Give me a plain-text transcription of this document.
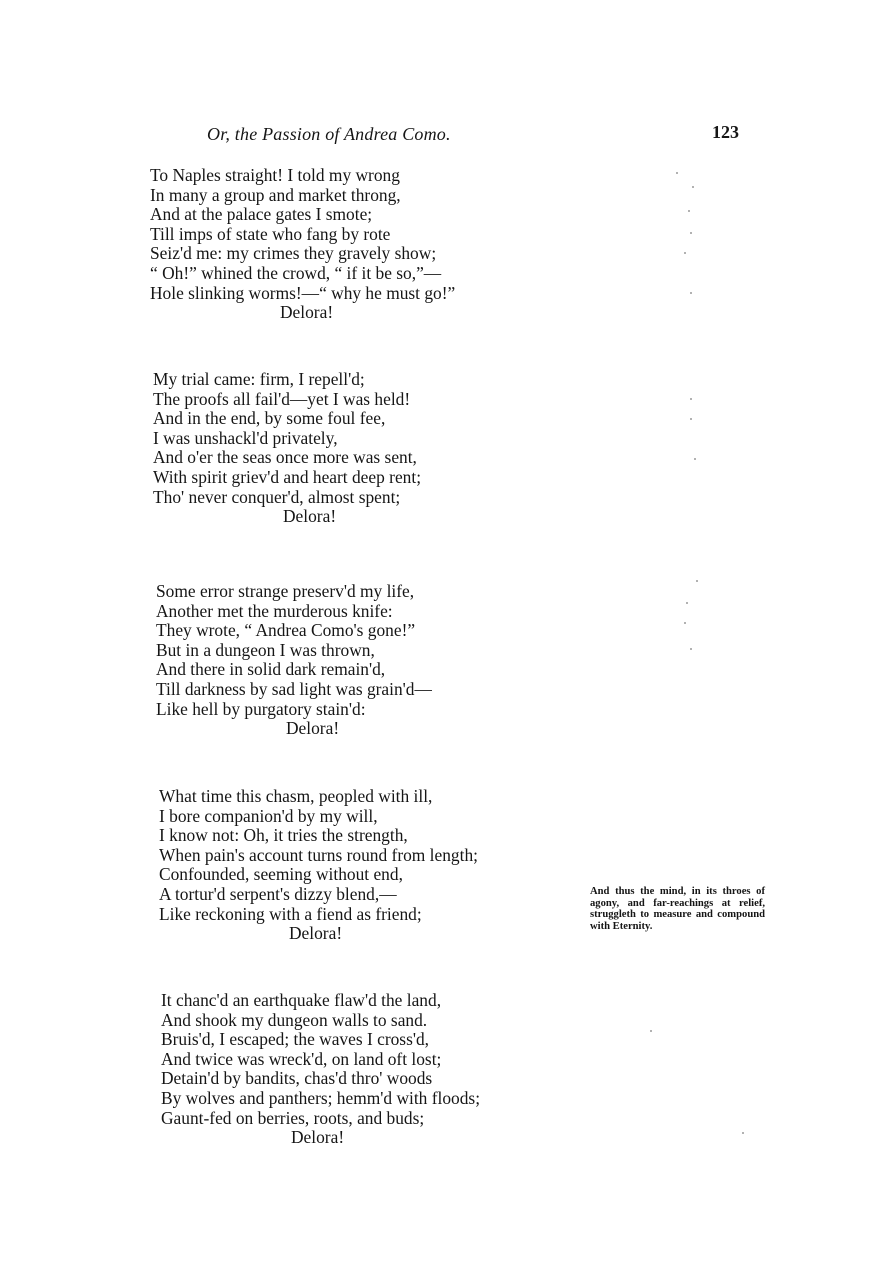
Or, the Passion of Andrea Como.	123
To Naples straight! I told my wrong
In many a group and market throng,
And at the palace gates I smote;
Till imps of state who fang by rote
Seiz'd me: my crimes they gravely show;
“ Oh!” whined the crowd, “ if it be so,”—
Hole slinking worms!—“ why he must go!”
Delora!
My trial came: firm, I repell'd;
The proofs all fail'd—yet I was held!
And in the end, by some foul fee,
I was unshackl'd privately,
And o'er the seas once more was sent,
With spirit griev'd and heart deep rent;
Tho' never conquer'd, almost spent;
Delora!
Some error strange preserv'd my life,
Another met the murderous knife:
They wrote, “ Andrea Como's gone!”
But in a dungeon I was thrown,
And there in solid dark remain'd,
Till darkness by sad light was grain'd—
Like hell by purgatory stain'd:
Delora!
What time this chasm, peopled with ill,
I bore companion'd by my will,
I know not: Oh, it tries the strength,
When pain's account turns round from length;
Confounded, seeming without end,
A tortur'd serpent's dizzy blend,—
Like reckoning with a fiend as friend;
Delora!
And thus the mind, in its throes of agony, and far-reachings at relief, struggleth to measure and compound with Eternity.
It chanc'd an earthquake flaw'd the land,
And shook my dungeon walls to sand.
Bruis'd, I escaped; the waves I cross'd,
And twice was wreck'd, on land oft lost;
Detain'd by bandits, chas'd thro' woods
By wolves and panthers; hemm'd with floods;
Gaunt-fed on berries, roots, and buds;
Delora!
